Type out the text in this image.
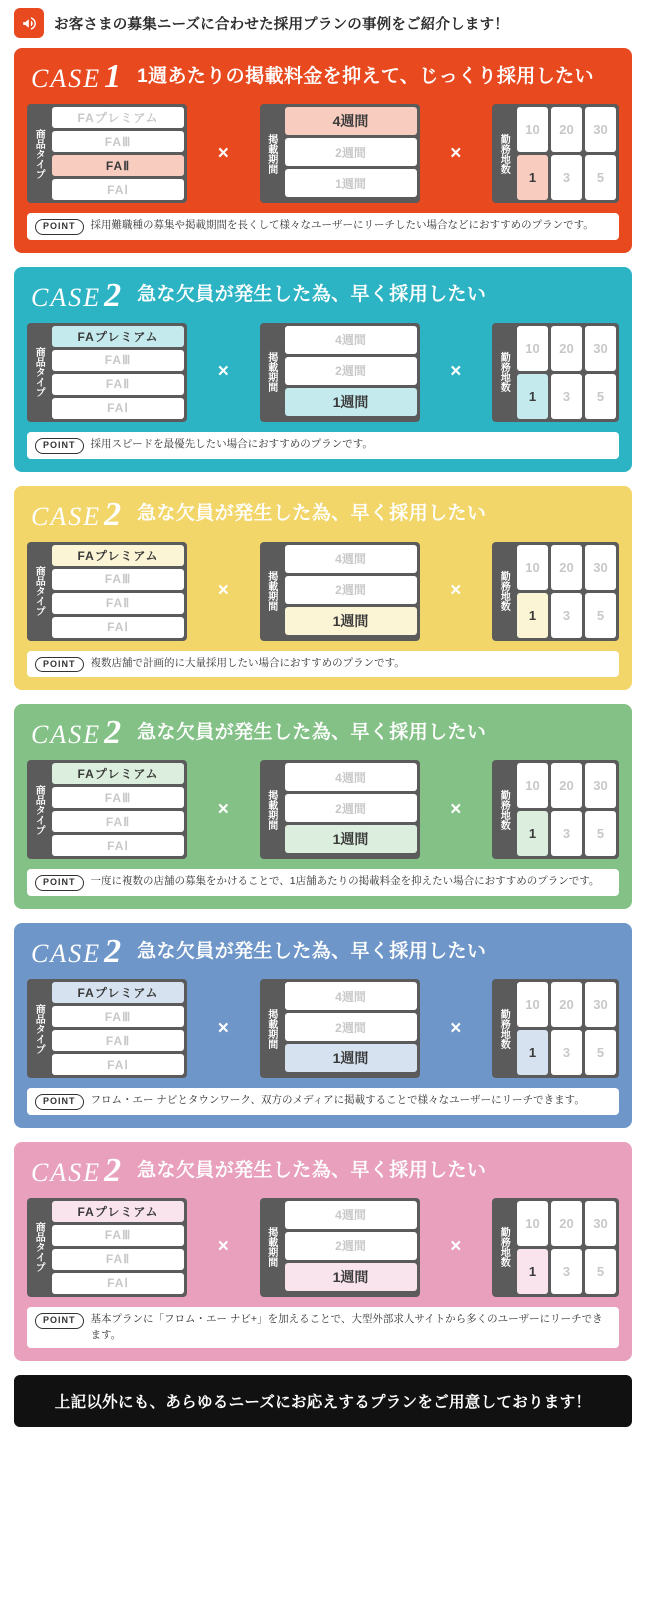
お客さまの募集ニーズに合わせた採用プランの事例をご紹介します！
CASE1 1週あたりの掲載料金を抑えて、じっくり採用したい
商品タイプ
FAプレミアム
FAⅢ
FAⅡ
FAⅠ
×	掲載期間
4週間
2週間
1週間
×	勤務地数
10	20	30
1	3	5
POINT	採用難職種の募集や掲載期間を長くして様々なユーザーにリーチしたい場合などにおすすめのプランです。
CASE2 急な欠員が発生した為、早く採用したい
商品タイプ
FAプレミアム
FAⅢ
FAⅡ
FAⅠ
×	掲載期間
4週間
2週間
1週間
×	勤務地数
10	20	30
1	3	5
POINT	採用スピードを最優先したい場合におすすめのプランです。
CASE2 急な欠員が発生した為、早く採用したい
商品タイプ
FAプレミアム
FAⅢ
FAⅡ
FAⅠ
×	掲載期間
4週間
2週間
1週間
×	勤務地数
10	20	30
1	3	5
POINT	複数店舗で計画的に大量採用したい場合におすすめのプランです。
CASE2 急な欠員が発生した為、早く採用したい
商品タイプ
FAプレミアム
FAⅢ
FAⅡ
FAⅠ
×	掲載期間
4週間
2週間
1週間
×	勤務地数
10	20	30
1	3	5
POINT	一度に複数の店舗の募集をかけることで、1店舗あたりの掲載料金を抑えたい場合におすすめのプランです。
CASE2 急な欠員が発生した為、早く採用したい
商品タイプ
FAプレミアム
FAⅢ
FAⅡ
FAⅠ
×	掲載期間
4週間
2週間
1週間
×	勤務地数
10	20	30
1	3	5
POINT	フロム・エー ナビとタウンワーク、双方のメディアに掲載することで様々なユーザーにリーチできます。
CASE2 急な欠員が発生した為、早く採用したい
商品タイプ
FAプレミアム
FAⅢ
FAⅡ
FAⅠ
×	掲載期間
4週間
2週間
1週間
×	勤務地数
10	20	30
1	3	5
POINT	基本プランに「フロム・エー ナビ+」を加えることで、大型外部求人サイトから多くのユーザーにリーチできます。
上記以外にも、あらゆるニーズにお応えするプランをご用意しております！
